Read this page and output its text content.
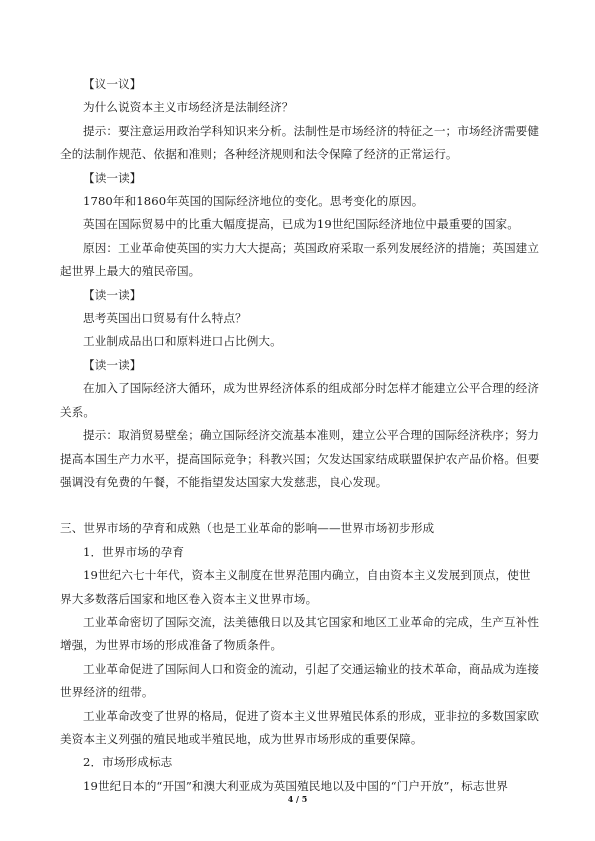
【议一议】

为什么说资本主义市场经济是法制经济？

提示：要注意运用政治学科知识来分析。法制性是市场经济的特征之一；市场经济需要健全的法制作规范、依据和准则；各种经济规则和法令保障了经济的正常运行。

【读一读】

1780年和1860年英国的国际经济地位的变化。思考变化的原因。

英国在国际贸易中的比重大幅度提高，已成为19世纪国际经济地位中最重要的国家。

原因：工业革命使英国的实力大大提高；英国政府采取一系列发展经济的措施；英国建立起世界上最大的殖民帝国。

【读一读】

思考英国出口贸易有什么特点？

工业制成品出口和原料进口占比例大。

【读一读】

在加入了国际经济大循环，成为世界经济体系的组成部分时怎样才能建立公平合理的经济关系。

提示：取消贸易壁垒；确立国际经济交流基本准则，建立公平合理的国际经济秩序；努力提高本国生产力水平，提高国际竞争；科教兴国；欠发达国家结成联盟保护农产品价格。但要强调没有免费的午餐，不能指望发达国家大发慈悲，良心发现。

三、世界市场的孕育和成熟（也是工业革命的影响——世界市场初步形成

1．世界市场的孕育

19世纪六七十年代，资本主义制度在世界范围内确立，自由资本主义发展到顶点，使世界大多数落后国家和地区卷入资本主义世界市场。

工业革命密切了国际交流，法美德俄日以及其它国家和地区工业革命的完成，生产互补性增强，为世界市场的形成准备了物质条件。

工业革命促进了国际间人口和资金的流动，引起了交通运输业的技术革命，商品成为连接世界经济的纽带。

工业革命改变了世界的格局，促进了资本主义世界殖民体系的形成，亚非拉的多数国家欧美资本主义列强的殖民地或半殖民地，成为世界市场形成的重要保障。

2．市场形成标志

19世纪日本的“开国”和澳大利亚成为英国殖民地以及中国的“门户开放”，标志世界

4 / 5
